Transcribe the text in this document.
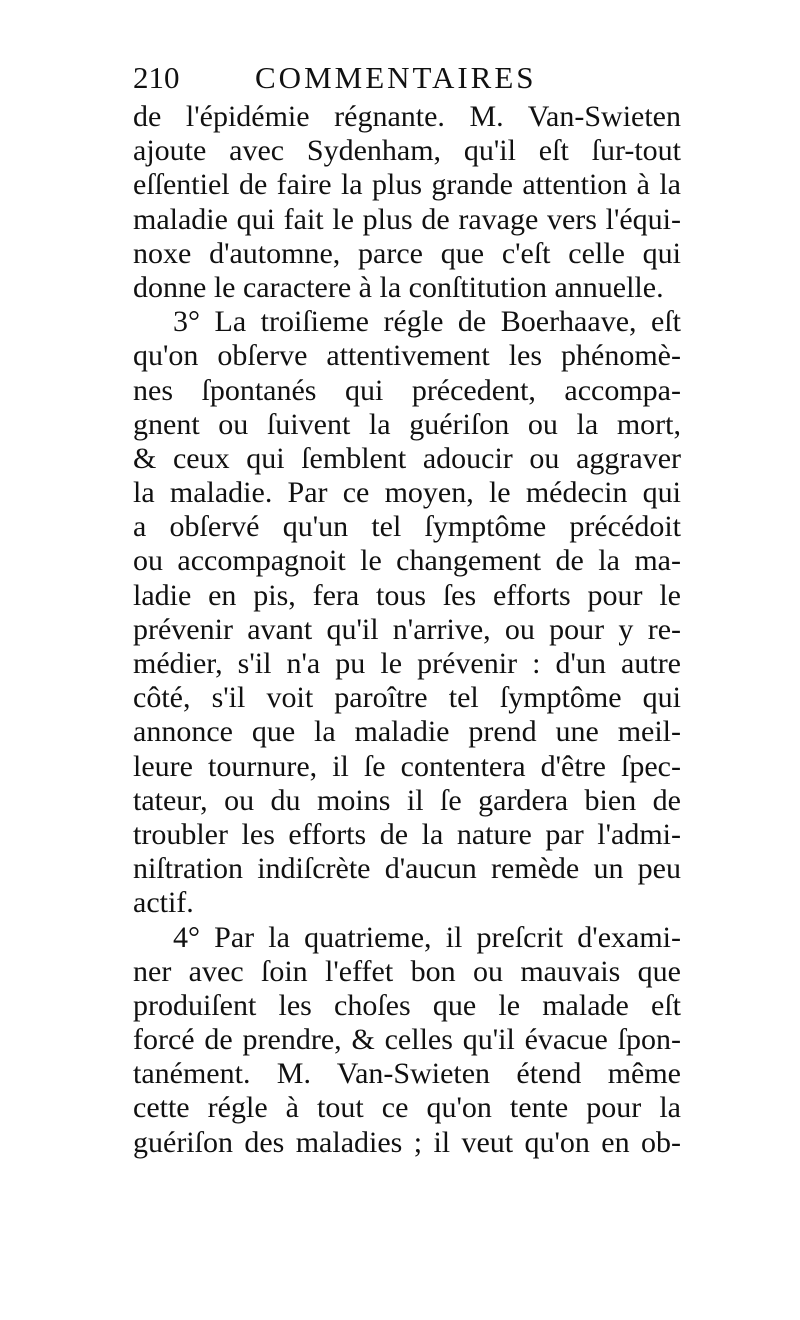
210 COMMENTAIRES
de l'épidémie régnante. M. Van-Swieten
ajoute avec Sydenham, qu'il eſt ſur-tout
eſſentiel de faire la plus grande attention à la
maladie qui fait le plus de ravage vers l'équi-
noxe d'automne, parce que c'eſt celle qui
donne le caractere à la conſtitution annuelle.
3° La troiſieme régle de Boerhaave, eſt
qu'on obſerve attentivement les phénomè-
nes ſpontanés qui précedent, accompa-
gnent ou ſuivent la guériſon ou la mort,
& ceux qui ſemblent adoucir ou aggraver
la maladie. Par ce moyen, le médecin qui
a obſervé qu'un tel ſymptôme précédoit
ou accompagnoit le changement de la ma-
ladie en pis, fera tous ſes efforts pour le
prévenir avant qu'il n'arrive, ou pour y re-
médier, s'il n'a pu le prévenir : d'un autre
côté, s'il voit paroître tel ſymptôme qui
annonce que la maladie prend une meil-
leure tournure, il ſe contentera d'être ſpec-
tateur, ou du moins il ſe gardera bien de
troubler les efforts de la nature par l'admi-
niſtration indiſcrète d'aucun remède un peu
actif.
4° Par la quatrieme, il preſcrit d'exami-
ner avec ſoin l'effet bon ou mauvais que
produiſent les choſes que le malade eſt
forcé de prendre, & celles qu'il évacue ſpon-
tanément. M. Van-Swieten étend même
cette régle à tout ce qu'on tente pour la
guériſon des maladies ; il veut qu'on en ob-
